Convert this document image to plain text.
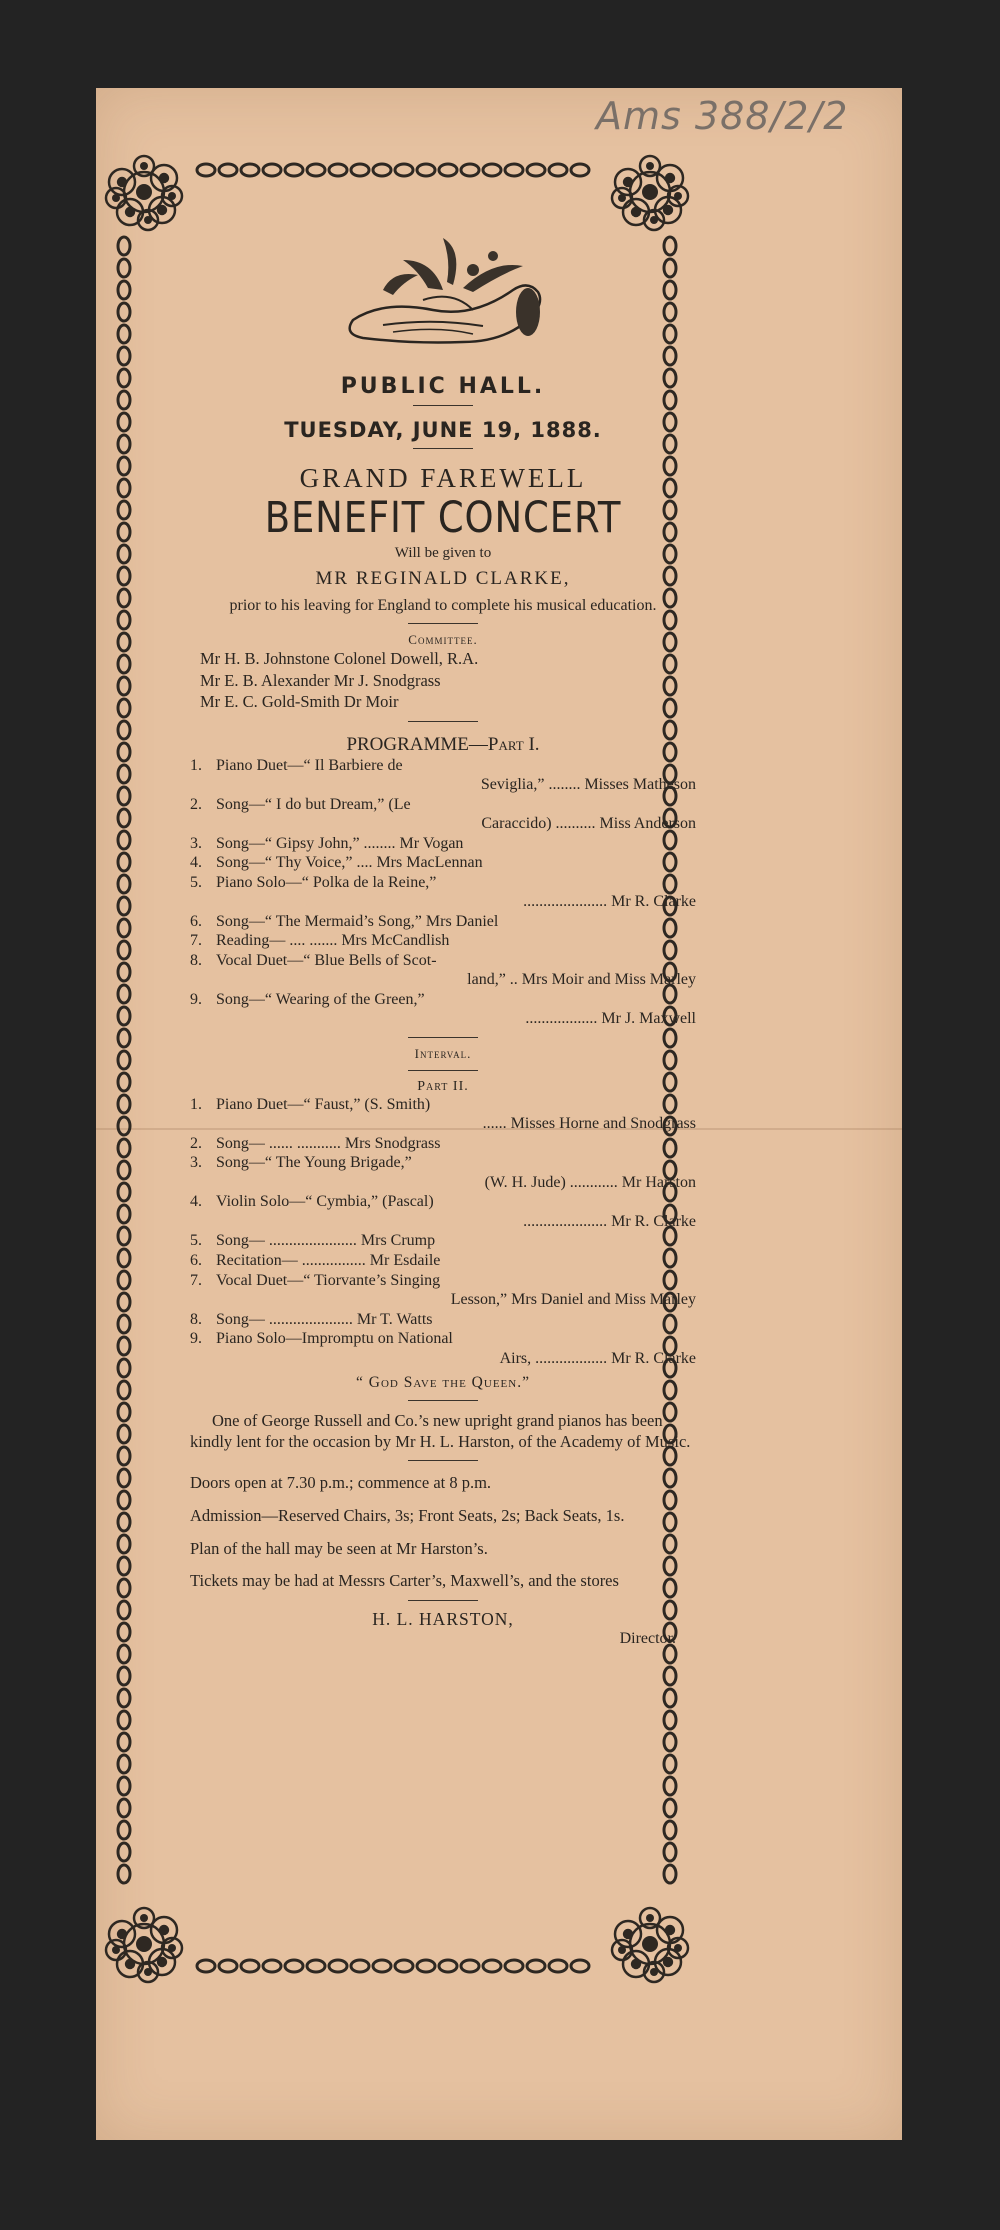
Ams 388/2/2
PUBLIC HALL.
TUESDAY, JUNE 19, 1888.
GRAND FAREWELL
BENEFIT CONCERT
Will be given to
MR REGINALD CLARKE,
prior to his leaving for England to complete his musical education.
Committee.
Mr H. B. Johnstone Colonel Dowell, R.A.
Mr E. B. Alexander Mr J. Snodgrass
Mr E. C. Gold-Smith Dr Moir
PROGRAMME—Part I.
1. Piano Duet—“ Il Barbiere de
Seviglia,” ........ Misses Matheson
2. Song—“ I do but Dream,” (Le
Caraccido) .......... Miss Anderson
3. Song—“ Gipsy John,” ........ Mr Vogan
4. Song—“ Thy Voice,” .... Mrs MacLennan
5. Piano Solo—“ Polka de la Reine,”
..................... Mr R. Clarke
6. Song—“ The Mermaid’s Song,” Mrs Daniel
7. Reading— .... ....... Mrs McCandlish
8. Vocal Duet—“ Blue Bells of Scot-
land,” .. Mrs Moir and Miss Marley
9. Song—“ Wearing of the Green,”
.................. Mr J. Maxwell
Interval.
Part II.
1. Piano Duet—“ Faust,” (S. Smith)
...... Misses Horne and Snodgrass
2. Song— ...... ........... Mrs Snodgrass
3. Song—“ The Young Brigade,”
(W. H. Jude) ............ Mr Harston
4. Violin Solo—“ Cymbia,” (Pascal)
..................... Mr R. Clarke
5. Song— ...................... Mrs Crump
6. Recitation— ................ Mr Esdaile
7. Vocal Duet—“ Tiorvante’s Singing
Lesson,” Mrs Daniel and Miss Marley
8. Song— ..................... Mr T. Watts
9. Piano Solo—Impromptu on National
Airs, .................. Mr R. Clarke
“ God Save the Queen.”
One of George Russell and Co.’s new upright grand pianos has been kindly lent for the occasion by Mr H. L. Harston, of the Academy of Music.
Doors open at 7.30 p.m.; commence at 8 p.m.
Admission—Reserved Chairs, 3s; Front Seats, 2s; Back Seats, 1s.
Plan of the hall may be seen at Mr Harston’s.
Tickets may be had at Messrs Carter’s, Maxwell’s, and the stores
H. L. HARSTON,
Director.
